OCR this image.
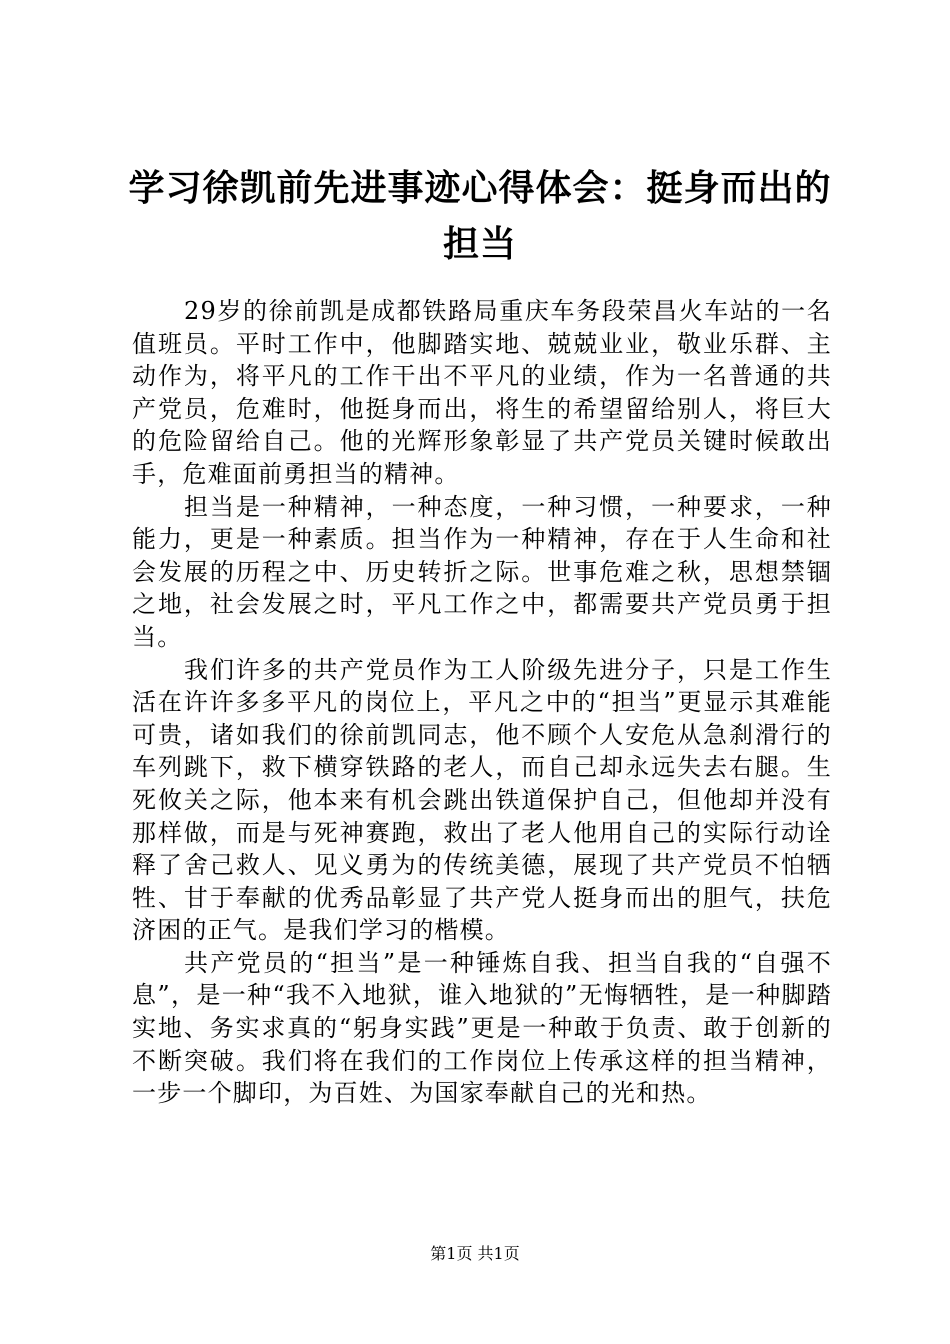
学习徐凯前先进事迹心得体会：挺身而出的担当

29岁的徐前凯是成都铁路局重庆车务段荣昌火车站的一名值班员。平时工作中，他脚踏实地、兢兢业业，敬业乐群、主动作为，将平凡的工作干出不平凡的业绩，作为一名普通的共产党员，危难时，他挺身而出，将生的希望留给别人，将巨大的危险留给自己。他的光辉形象彰显了共产党员关键时候敢出手，危难面前勇担当的精神。

担当是一种精神，一种态度，一种习惯，一种要求，一种能力，更是一种素质。担当作为一种精神，存在于人生命和社会发展的历程之中、历史转折之际。世事危难之秋，思想禁锢之地，社会发展之时，平凡工作之中，都需要共产党员勇于担当。

我们许多的共产党员作为工人阶级先进分子，只是工作生活在许许多多平凡的岗位上，平凡之中的“担当”更显示其难能可贵，诸如我们的徐前凯同志，他不顾个人安危从急刹滑行的车列跳下，救下横穿铁路的老人，而自己却永远失去右腿。生死攸关之际，他本来有机会跳出铁道保护自己，但他却并没有那样做，而是与死神赛跑，救出了老人他用自己的实际行动诠释了舍己救人、见义勇为的传统美德，展现了共产党员不怕牺牲、甘于奉献的优秀品彰显了共产党人挺身而出的胆气，扶危济困的正气。是我们学习的楷模。

共产党员的“担当”是一种锤炼自我、担当自我的“自强不息”，是一种“我不入地狱，谁入地狱的”无悔牺牲，是一种脚踏实地、务实求真的“躬身实践”更是一种敢于负责、敢于创新的不断突破。我们将在我们的工作岗位上传承这样的担当精神，一步一个脚印，为百姓、为国家奉献自己的光和热。

第1页 共1页
